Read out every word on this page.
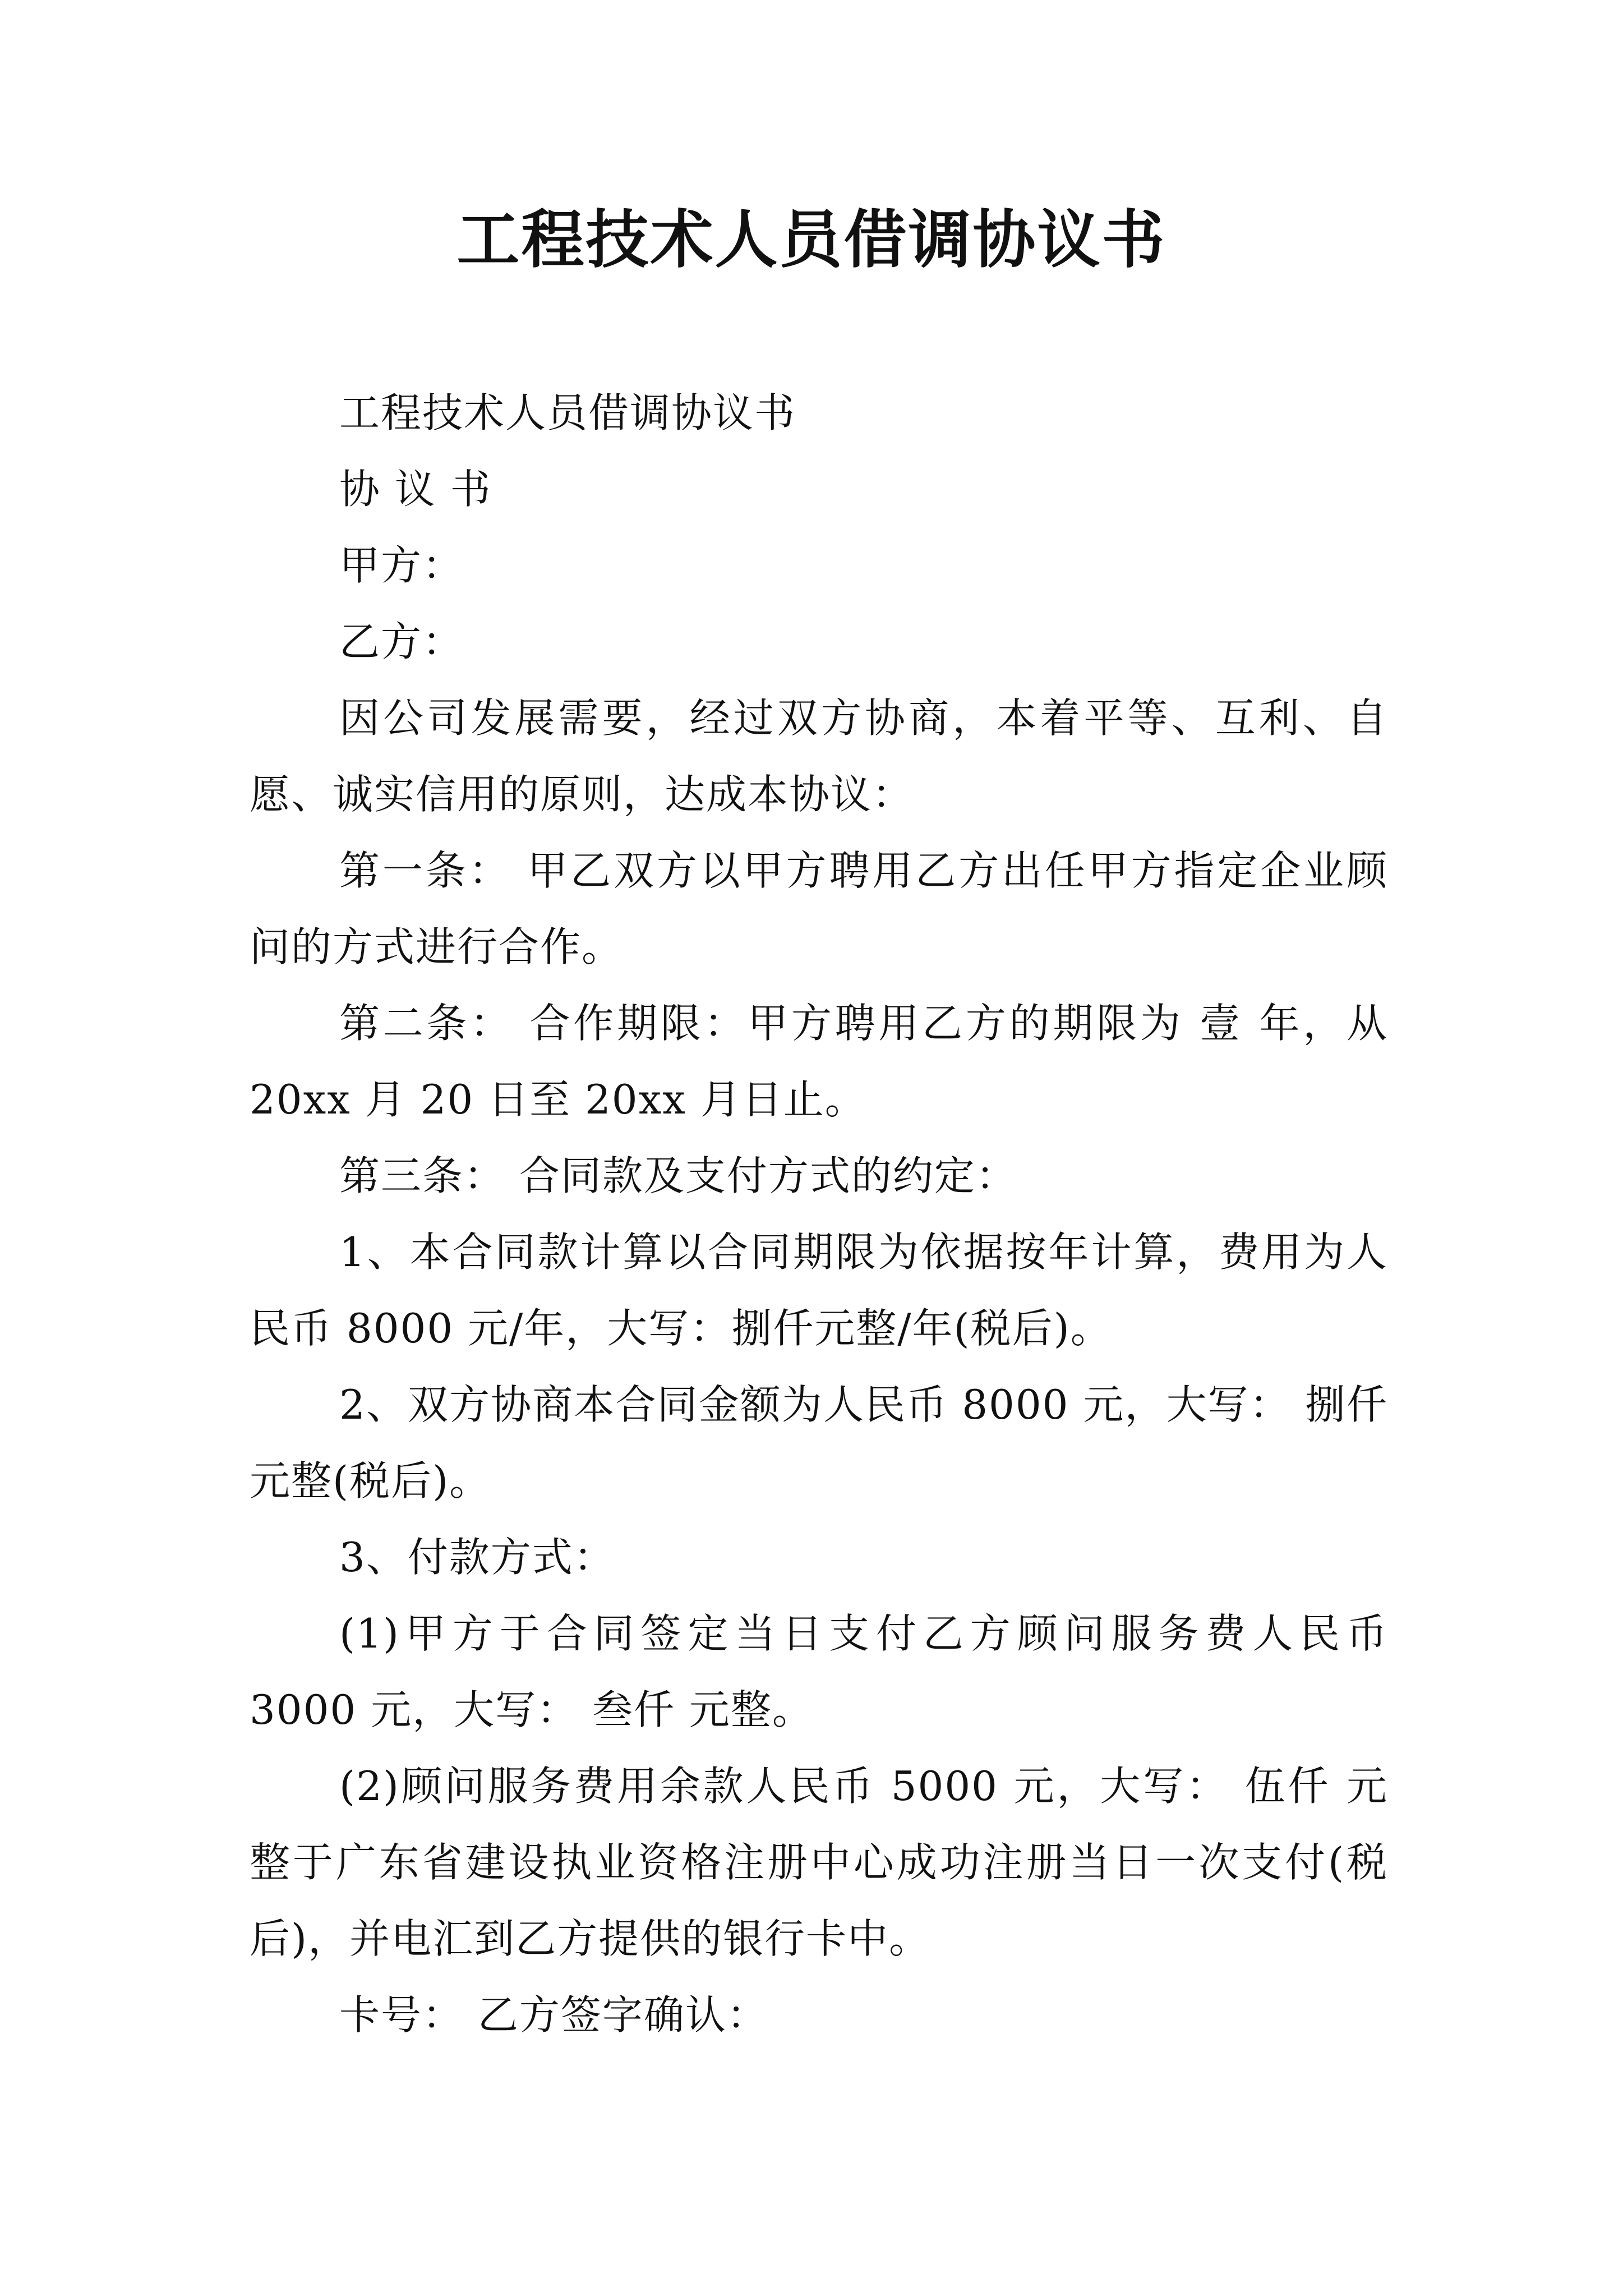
工程技术人员借调协议书

工程技术人员借调协议书

协 议 书

甲方：

乙方：

因公司发展需要，经过双方协商，本着平等、互利、自愿、诚实信用的原则，达成本协议：

第一条： 甲乙双方以甲方聘用乙方出任甲方指定企业顾问的方式进行合作。

第二条： 合作期限：甲方聘用乙方的期限为 壹 年，从 20xx 月 20 日至 20xx 月日止。

第三条： 合同款及支付方式的约定：

1、本合同款计算以合同期限为依据按年计算，费用为人民币 8000 元/年，大写：捌仟元整/年(税后)。

2、双方协商本合同金额为人民币 8000 元，大写： 捌仟 元整(税后)。

3、付款方式：

(1)甲方于合同签定当日支付乙方顾问服务费人民币 3000 元，大写： 叁仟 元整。

(2)顾问服务费用余款人民币 5000 元，大写： 伍仟 元整于广东省建设执业资格注册中心成功注册当日一次支付(税后)，并电汇到乙方提供的银行卡中。

卡号： 乙方签字确认：
